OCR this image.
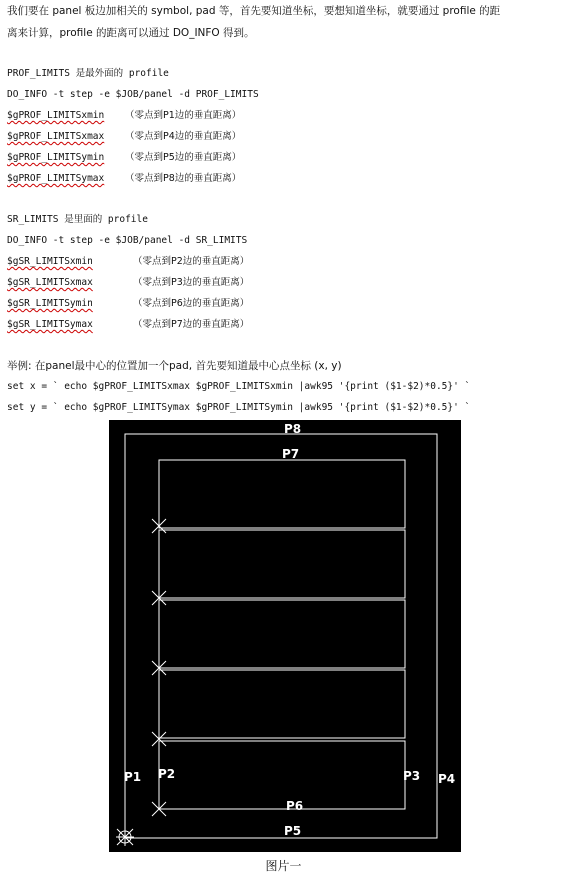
我们要在 panel 板边加相关的 symbol, pad 等，首先要知道坐标，要想知道坐标，就要通过 profile 的距
离来计算，profile 的距离可以通过 DO_INFO 得到。
PROF_LIMITS 是最外面的 profile
DO_INFO -t step -e $JOB/panel -d PROF_LIMITS
$gPROF_LIMITSxmin （零点到P1边的垂直距离）
$gPROF_LIMITSxmax （零点到P4边的垂直距离）
$gPROF_LIMITSymin （零点到P5边的垂直距离）
$gPROF_LIMITSymax （零点到P8边的垂直距离）
SR_LIMITS 是里面的 profile
DO_INFO -t step -e $JOB/panel -d SR_LIMITS
$gSR_LIMITSxmin	（零点到P2边的垂直距离）
$gSR_LIMITSxmax	（零点到P3边的垂直距离）
$gSR_LIMITSymin	（零点到P6边的垂直距离）
$gSR_LIMITSymax	（零点到P7边的垂直距离）
举例: 在panel最中心的位置加一个pad, 首先要知道最中心点坐标 (x, y)
set x = ` echo $gPROF_LIMITSxmax $gPROF_LIMITSxmin |awk95 '{print ($1-$2)*0.5}' `
set y = ` echo $gPROF_LIMITSymax $gPROF_LIMITSymin |awk95 '{print ($1-$2)*0.5}' `
P1 P2	P3 P4
P5
P6
P7
P8
图片一
